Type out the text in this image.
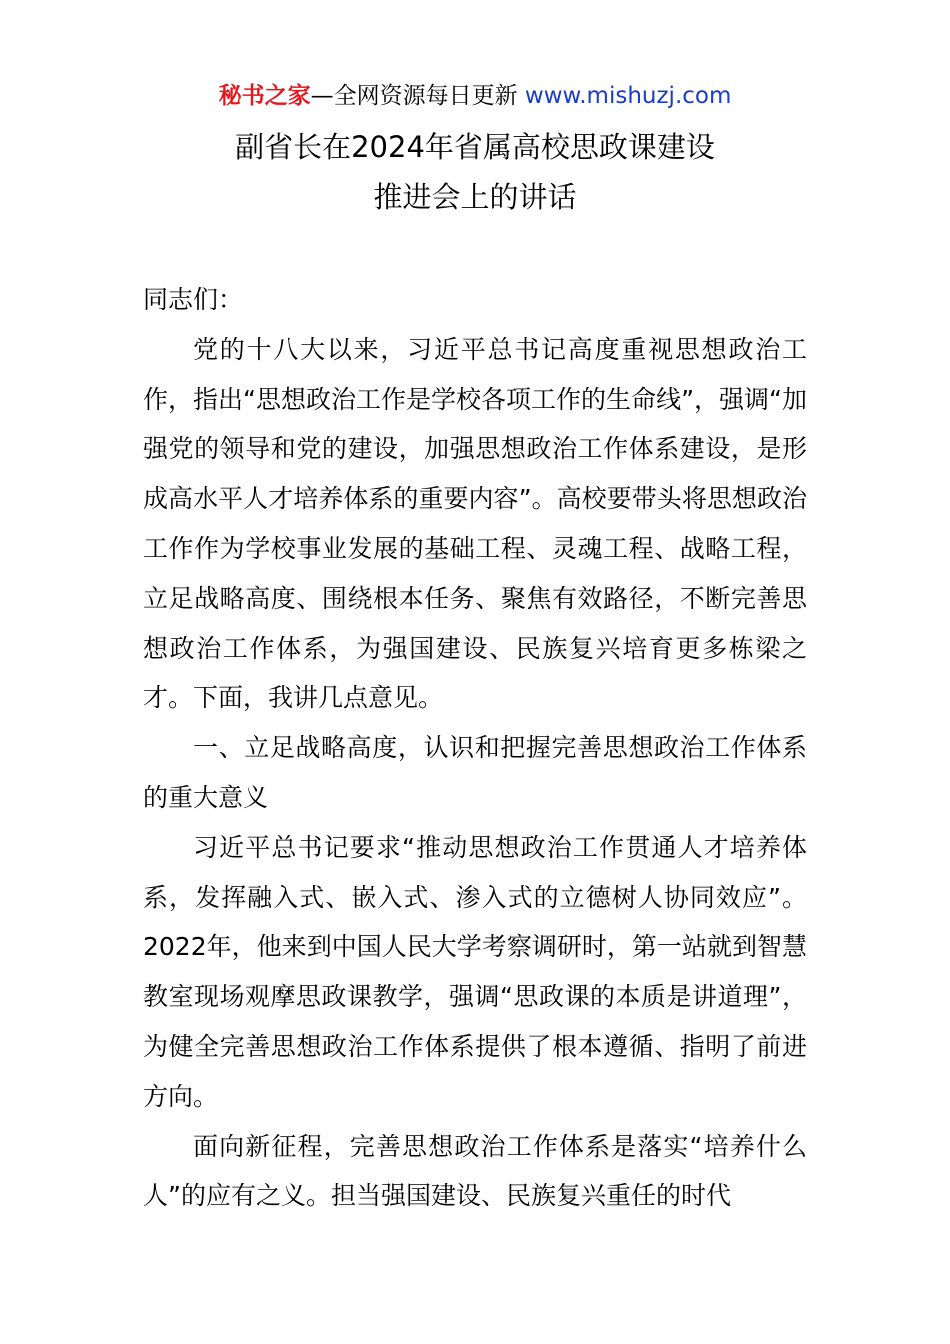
秘书之家—全网资源每日更新 www.mishuzj.com
副省长在2024年省属高校思政课建设
推进会上的讲话

同志们：

党的十八大以来，习近平总书记高度重视思想政治工作，指出“思想政治工作是学校各项工作的生命线”，强调“加强党的领导和党的建设，加强思想政治工作体系建设，是形成高水平人才培养体系的重要内容”。高校要带头将思想政治工作作为学校事业发展的基础工程、灵魂工程、战略工程，立足战略高度、围绕根本任务、聚焦有效路径，不断完善思想政治工作体系，为强国建设、民族复兴培育更多栋梁之才。下面，我讲几点意见。

一、立足战略高度，认识和把握完善思想政治工作体系的重大意义

习近平总书记要求“推动思想政治工作贯通人才培养体系，发挥融入式、嵌入式、渗入式的立德树人协同效应”。2022年，他来到中国人民大学考察调研时，第一站就到智慧教室现场观摩思政课教学，强调“思政课的本质是讲道理”，为健全完善思想政治工作体系提供了根本遵循、指明了前进方向。

面向新征程，完善思想政治工作体系是落实“培养什么人”的应有之义。担当强国建设、民族复兴重任的时代
